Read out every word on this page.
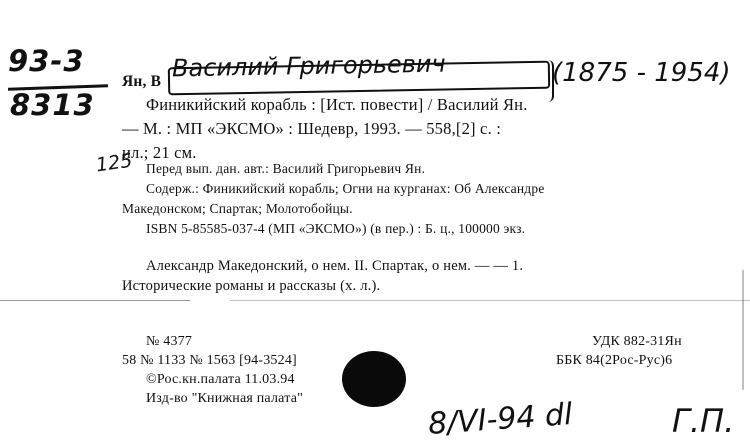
93-3
8313
Ян, В Василий Григорьевич	(1875 - 1954)
Финикийский корабль : [Ист. повести] / Василий Ян.
— М. : МП «ЭКСМО» : Шедевр, 1993. — 558,[2] с. :
ил.; 21 см.
125 Перед вып. дан. авт.: Василий Григорьевич Ян.
Содерж.: Финикийский корабль; Огни на курганах: Об Александре
Македонском; Спартак; Молотобойцы.
ISBN 5-85585-037-4 (МП «ЭКСМО») (в пер.) : Б. ц., 100000 экз.
Александр Македонский, о нем. II. Спартак, о нем. — — 1.
Исторические романы и рассказы (х. л.).
№ 4377
58 № 1133 № 1563 [94-3524]
©Рос.кн.палата 11.03.94
Изд-во "Книжная палата"
УДК 882-31Ян
ББК 84(2Рос-Рус)6
8/VI-94 dl	Г.П.
